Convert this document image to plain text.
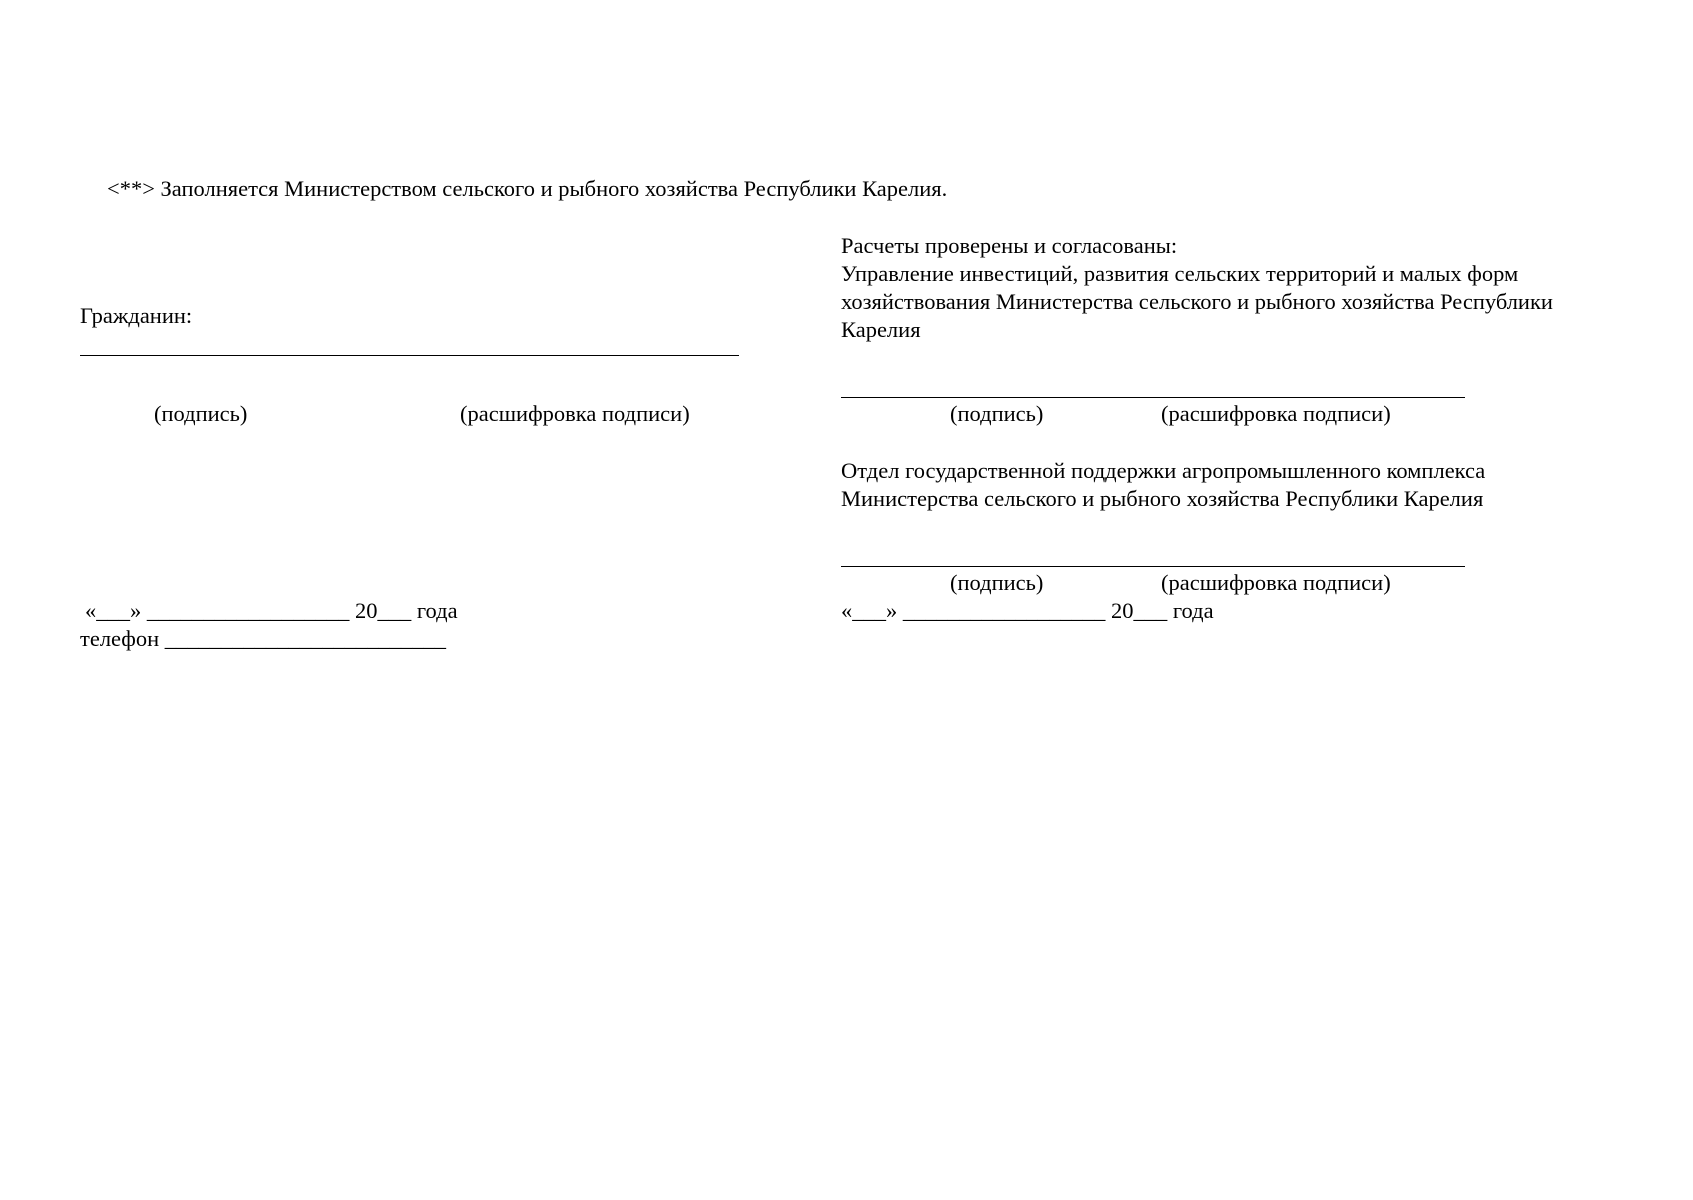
<**> Заполняется Министерством сельского и рыбного хозяйства Республики Карелия.
Гражданин:
(подпись)	(расшифровка подписи)
«___» __________________ 20___ года
телефон _________________________
Расчеты проверены и согласованы:
Управление инвестиций, развития сельских территорий и малых форм
хозяйствования Министерства сельского и рыбного хозяйства Республики
Карелия
(подпись)	(расшифровка подписи)
Отдел государственной поддержки агропромышленного комплекса
Министерства сельского и рыбного хозяйства Республики Карелия
(подпись)	(расшифровка подписи)
«___» __________________ 20___ года
